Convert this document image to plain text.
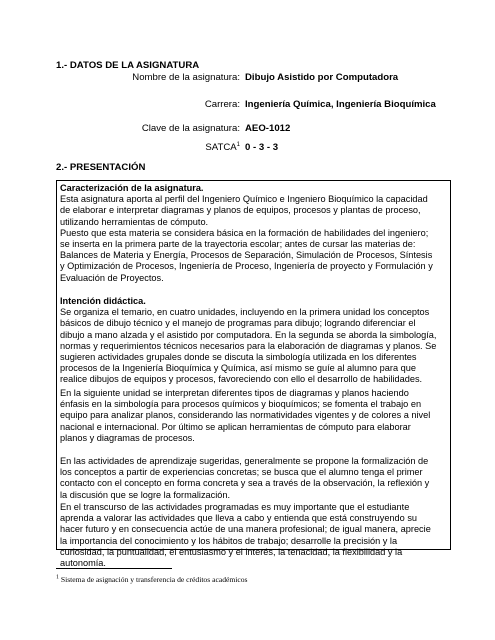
1.- DATOS DE LA ASIGNATURA
Nombre de la asignatura: Dibujo Asistido por Computadora
Carrera: Ingeniería Química, Ingeniería Bioquímica
Clave de la asignatura: AEO-1012
SATCA$^1$ 0 - 3 - 3
2.- PRESENTACIÓN
Caracterización de la asignatura.
Esta asignatura aporta al perfil del Ingeniero Químico e Ingeniero Bioquímico la capacidad
de elaborar e interpretar diagramas y planos de equipos, procesos y plantas de proceso,
utilizando herramientas de cómputo.
Puesto que esta materia se considera básica en la formación de habilidades del ingeniero;
se inserta en la primera parte de la trayectoria escolar; antes de cursar las materias de:
Balances de Materia y Energía, Procesos de Separación, Simulación de Procesos, Síntesis
y Optimización de Procesos, Ingeniería de Proceso, Ingeniería de proyecto y Formulación y
Evaluación de Proyectos.
Intención didáctica.
Se organiza el temario, en cuatro unidades, incluyendo en la primera unidad los conceptos
básicos de dibujo técnico y el manejo de programas para dibujo; logrando diferenciar el
dibujo a mano alzada y el asistido por computadora. En la segunda se aborda la simbología,
normas y requerimientos técnicos necesarios para la elaboración de diagramas y planos. Se
sugieren actividades grupales donde se discuta la simbología utilizada en los diferentes
procesos de la Ingeniería Bioquímica y Química, así mismo se guíe al alumno para que
realice dibujos de equipos y procesos, favoreciendo con ello el desarrollo de habilidades.
En la siguiente unidad se interpretan diferentes tipos de diagramas y planos haciendo
énfasis en la simbología para procesos químicos y bioquímicos; se fomenta el trabajo en
equipo para analizar planos, considerando las normatividades vigentes y de colores a nivel
nacional e internacional. Por último se aplican herramientas de cómputo para elaborar
planos y diagramas de procesos.
En las actividades de aprendizaje sugeridas, generalmente se propone la formalización de
los conceptos a partir de experiencias concretas; se busca que el alumno tenga el primer
contacto con el concepto en forma concreta y sea a través de la observación, la reflexión y
la discusión que se logre la formalización.
En el transcurso de las actividades programadas es muy importante que el estudiante
aprenda a valorar las actividades que lleva a cabo y entienda que está construyendo su
hacer futuro y en consecuencia actúe de una manera profesional; de igual manera, aprecie
la importancia del conocimiento y los hábitos de trabajo; desarrolle la precisión y la
curiosidad, la puntualidad, el entusiasmo y el interés, la tenacidad, la flexibilidad y la
autonomía.
$^1$ Sistema de asignación y transferencia de créditos académicos
